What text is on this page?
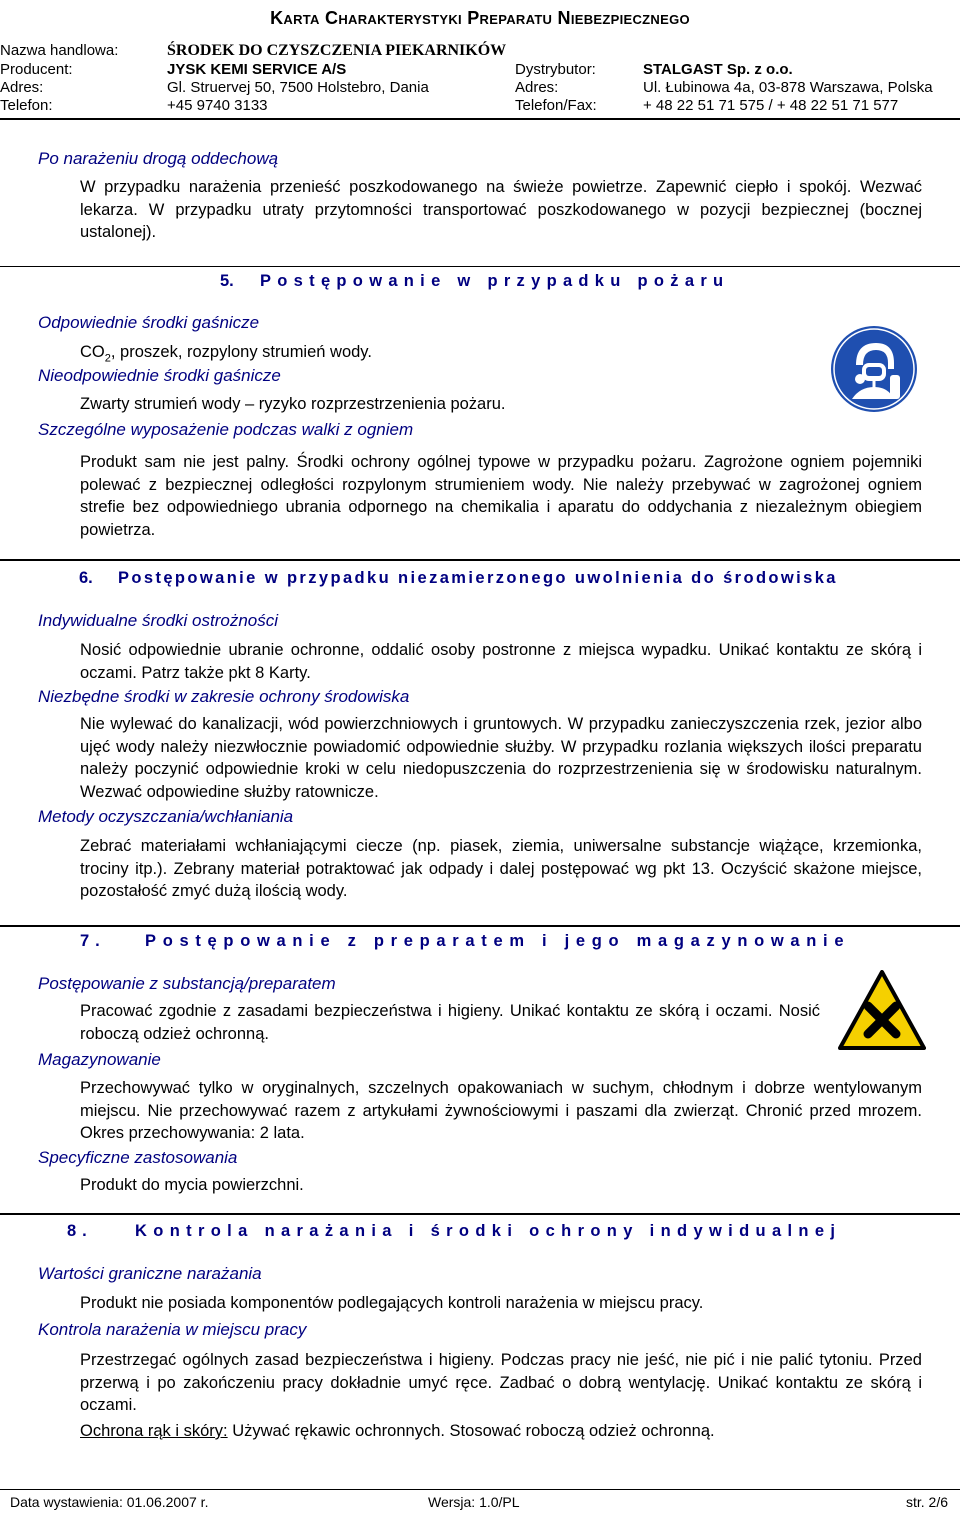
Karta Charakterystyki Preparatu Niebezpiecznego
Nazwa handlowa:	ŚRODEK DO CZYSZCZENIA PIEKARNIKÓW
Producent:	JYSK KEMI SERVICE A/S	Dystrybutor:	STALGAST Sp. z o.o.
Adres:	Gl. Struervej 50, 7500 Holstebro, Dania	Adres:	Ul. Łubinowa 4a, 03-878 Warszawa, Polska
Telefon:	+45 9740 3133	Telefon/Fax:	+ 48 22 51 71 575 / + 48 22 51 71 577
Po narażeniu drogą oddechową
W przypadku narażenia przenieść poszkodowanego na świeże powietrze. Zapewnić ciepło i spokój. Wezwać lekarza. W przypadku utraty przytomności transportować poszkodowanego w pozycji bezpiecznej (bocznej ustalonej).
5. Postępowanie w przypadku pożaru
Odpowiednie środki gaśnicze
$CO_2$, proszek, rozpylony strumień wody.
Nieodpowiednie środki gaśnicze
Zwarty strumień wody – ryzyko rozprzestrzenienia pożaru.
Szczególne wyposażenie podczas walki z ogniem
Produkt sam nie jest palny. Środki ochrony ogólnej typowe w przypadku pożaru. Zagrożone ogniem pojemniki polewać z bezpiecznej odległości rozpylonym strumieniem wody. Nie należy przebywać w zagrożonej ogniem strefie bez odpowiedniego ubrania odpornego na chemikalia i aparatu do oddychania z niezależnym obiegiem powietrza.
6. Postępowanie w przypadku niezamierzonego uwolnienia do środowiska
Indywidualne środki ostrożności
Nosić odpowiednie ubranie ochronne, oddalić osoby postronne z miejsca wypadku. Unikać kontaktu ze skórą i oczami. Patrz także pkt 8 Karty.
Niezbędne środki w zakresie ochrony środowiska
Nie wylewać do kanalizacji, wód powierzchniowych i gruntowych. W przypadku zanieczyszczenia rzek, jezior albo ujęć wody należy niezwłocznie powiadomić odpowiednie służby. W przypadku rozlania większych ilości preparatu należy poczynić odpowiednie kroki w celu niedopuszczenia do rozprzestrzenienia się w środowisku naturalnym. Wezwać odpowiedine służby ratownicze.
Metody oczyszczania/wchłaniania
Zebrać materiałami wchłaniającymi ciecze (np. piasek, ziemia, uniwersalne substancje wiążące, krzemionka, trociny itp.). Zebrany materiał potraktować jak odpady i dalej postępować wg pkt 13. Oczyścić skażone miejsce, pozostałość zmyć dużą ilością wody.
7. Postępowanie z preparatem i jego magazynowanie
Postępowanie z substancją/preparatem
Pracować zgodnie z zasadami bezpieczeństwa i higieny. Unikać kontaktu ze skórą i oczami. Nosić roboczą odzież ochronną.
Magazynowanie
Przechowywać tylko w oryginalnych, szczelnych opakowaniach w suchym, chłodnym i dobrze wentylowanym miejscu. Nie przechowywać razem z artykułami żywnościowymi i paszami dla zwierząt. Chronić przed mrozem. Okres przechowywania: 2 lata.
Specyficzne zastosowania
Produkt do mycia powierzchni.
8.	Kontrola narażania i środki ochrony indywidualnej
Wartości graniczne narażania
Produkt nie posiada komponentów podlegających kontroli narażenia w miejscu pracy.
Kontrola narażenia w miejscu pracy
Przestrzegać ogólnych zasad bezpieczeństwa i higieny. Podczas pracy nie jeść, nie pić i nie palić tytoniu. Przed przerwą i po zakończeniu pracy dokładnie umyć ręce. Zadbać o dobrą wentylację. Unikać kontaktu ze skórą i oczami.
Ochrona rąk i skóry: Używać rękawic ochronnych. Stosować roboczą odzież ochronną.
Data wystawienia: 01.06.2007 r.	Wersja: 1.0/PL	str. 2/6
